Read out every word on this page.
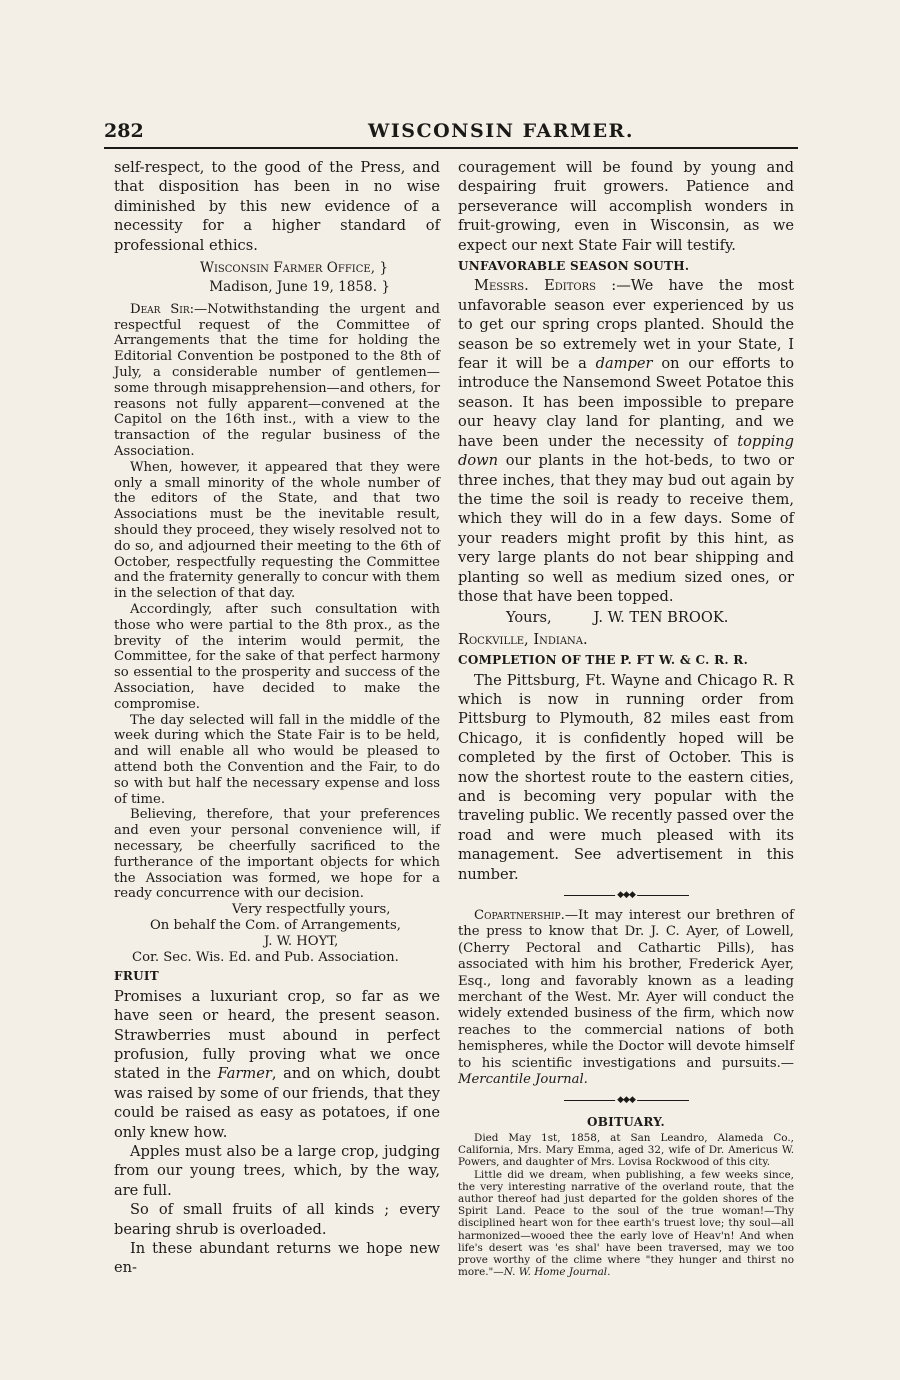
282	WISCONSIN FARMER.

self-respect, to the good of the Press, and that disposition has been in no wise diminished by this new evidence of a necessity for a higher standard of professional ethics.

Wisconsin Farmer Office, }
Madison, June 19, 1858. }

Dear Sir:—Notwithstanding the urgent and respectful request of the Committee of Arrangements that the time for holding the Editorial Convention be postponed to the 8th of July, a considerable number of gentlemen—some through misapprehension—and others, for reasons not fully apparent—convened at the Capitol on the 16th inst., with a view to the transaction of the regular business of the Association.

When, however, it appeared that they were only a small minority of the whole number of the editors of the State, and that two Associations must be the inevitable result, should they proceed, they wisely resolved not to do so, and adjourned their meeting to the 6th of October, respectfully requesting the Committee and the fraternity generally to concur with them in the selection of that day.

Accordingly, after such consultation with those who were partial to the 8th prox., as the brevity of the interim would permit, the Committee, for the sake of that perfect harmony so essential to the prosperity and success of the Association, have decided to make the compromise.

The day selected will fall in the middle of the week during which the State Fair is to be held, and will enable all who would be pleased to attend both the Convention and the Fair, to do so with but half the necessary expense and loss of time.

Believing, therefore, that your preferences and even your personal convenience will, if necessary, be cheerfully sacrificed to the furtherance of the important objects for which the Association was formed, we hope for a ready concurrence with our decision.

Very respectfully yours,
On behalf the Com. of Arrangements,
J. W. HOYT,
Cor. Sec. Wis. Ed. and Pub. Association.
FRUIT

Promises a luxuriant crop, so far as we have seen or heard, the present season. Strawberries must abound in perfect profusion, fully proving what we once stated in the Farmer, and on which, doubt was raised by some of our friends, that they could be raised as easy as potatoes, if one only knew how.

Apples must also be a large crop, judging from our young trees, which, by the way, are full.

So of small fruits of all kinds ; every bearing shrub is overloaded.

In these abundant returns we hope new en-

couragement will be found by young and despairing fruit growers. Patience and perseverance will accomplish wonders in fruit-growing, even in Wisconsin, as we expect our next State Fair will testify.

UNFAVORABLE SEASON SOUTH.

Messrs. Editors :—We have the most unfavorable season ever experienced by us to get our spring crops planted. Should the season be so extremely wet in your State, I fear it will be a damper on our efforts to introduce the Nansemond Sweet Potatoe this season. It has been impossible to prepare our heavy clay land for planting, and we have been under the necessity of topping down our plants in the hot-beds, to two or three inches, that they may bud out again by the time the soil is ready to receive them, which they will do in a few days. Some of your readers might profit by this hint, as very large plants do not bear shipping and planting so well as medium sized ones, or those that have been topped.

Yours,	J. W. TEN BROOK.
Rockville, Indiana.
COMPLETION OF THE P. FT W. & C. R. R.

The Pittsburg, Ft. Wayne and Chicago R. R which is now in running order from Pittsburg to Plymouth, 82 miles east from Chicago, it is confidently hoped will be completed by the first of October. This is now the shortest route to the eastern cities, and is becoming very popular with the traveling public. We recently passed over the road and were much pleased with its management. See advertisement in this number.

◆◆◆

Copartnership.—It may interest our brethren of the press to know that Dr. J. C. Ayer, of Lowell, (Cherry Pectoral and Cathartic Pills), has associated with him his brother, Frederick Ayer, Esq., long and favorably known as a leading merchant of the West. Mr. Ayer will conduct the widely extended business of the firm, which now reaches to the commercial nations of both hemispheres, while the Doctor will devote himself to his scientific investigations and pursuits.—Mercantile Journal.

◆◆◆
OBITUARY.

Died May 1st, 1858, at San Leandro, Alameda Co., California, Mrs. Mary Emma, aged 32, wife of Dr. Americus W. Powers, and daughter of Mrs. Lovisa Rockwood of this city.

Little did we dream, when publishing, a few weeks since, the very interesting narrative of the overland route, that the author thereof had just departed for the golden shores of the Spirit Land. Peace to the soul of the true woman!—Thy disciplined heart won for thee earth's truest love; thy soul—all harmonized—wooed thee the early love of Heav'n! And when life's desert was 'es shal' have been traversed, may we too prove worthy of the clime where "they hunger and thirst no more."—N. W. Home Journal.
